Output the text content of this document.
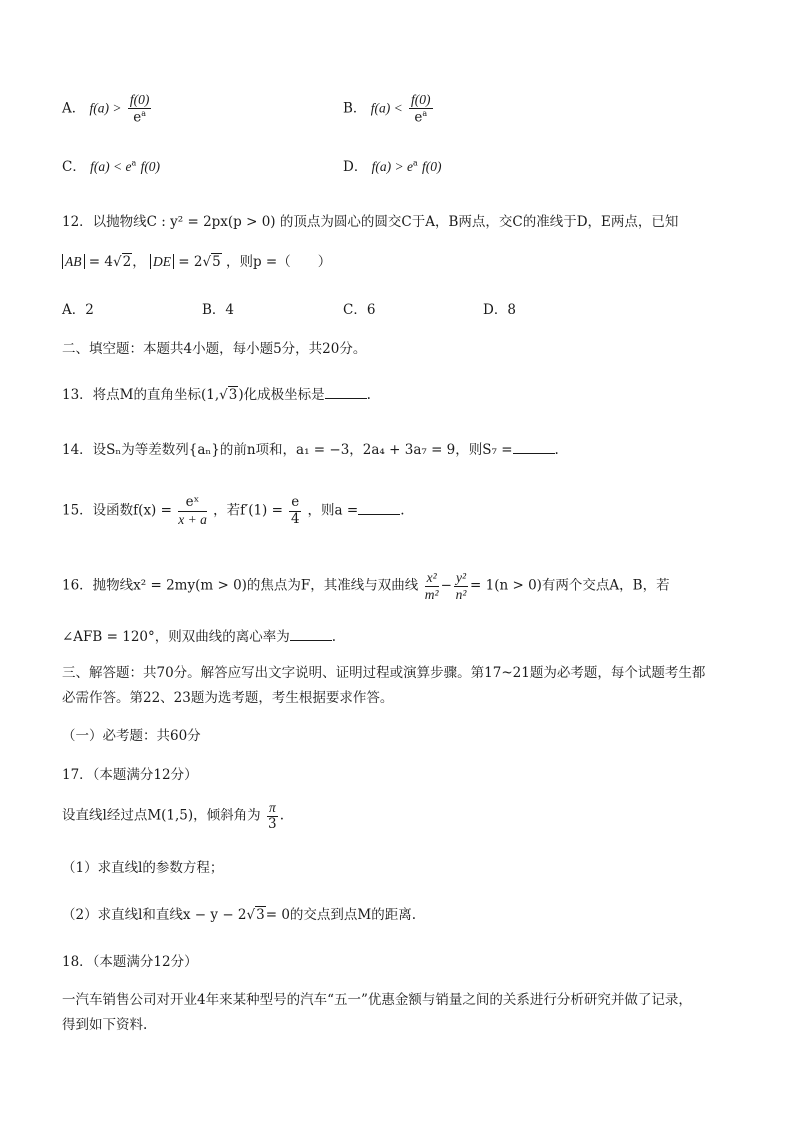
A． $f(a) > \frac{f(0)}{e^a}$	B． $f(a) < \frac{f(0)}{e^a}$
C． $f(a) < e^a$ f(0)	D． $f(a) > e^a$ f(0)
12．以抛物线C : y² = 2px(p > 0) 的顶点为圆心的圆交C于A，B两点，交C的准线于D，E两点，已知
AB = 4√2， DE = 2√5 ，则p =（　　）
A．2	B．4	C．6	D．8
二、填空题：本题共4小题，每小题5分，共20分。
13．将点M的直角坐标(1,√3)化成极坐标是	.
14．设Sₙ为等差数列{aₙ}的前n项和，a₁ = −3，2a₄ + 3a₇ = 9，则S₇ =	.
15．设函数$f(x) = \frac{\text{eˣ}}{x + a}$ ，若$f'(1) = \frac{e}{4}$ ，则a =	.
16．抛物线x² = 2my(m > 0)的焦点为F，其准线与双曲线 $\frac{\text{x²}}{\text{m²}} - \frac{\text{y²}}{\text{n²}} = 1(n > 0)$有两个交点A，B，若
∠AFB = 120°，则双曲线的离心率为	.
三、解答题：共70分。解答应写出文字说明、证明过程或演算步骤。第17~21题为必考题，每个试题考生都
必需作答。第22、23题为选考题，考生根据要求作答。
（一）必考题：共60分
17．（本题满分12分）
设直线l经过点M(1,5)，倾斜角为 $\frac{\pi}{3}$ .
（1）求直线l的参数方程；
（2）求直线l和直线x − y − 2√3= 0的交点到点M的距离.
18．（本题满分12分）
一汽车销售公司对开业4年来某种型号的汽车“五一”优惠金额与销量之间的关系进行分析研究并做了记录，
得到如下资料.
